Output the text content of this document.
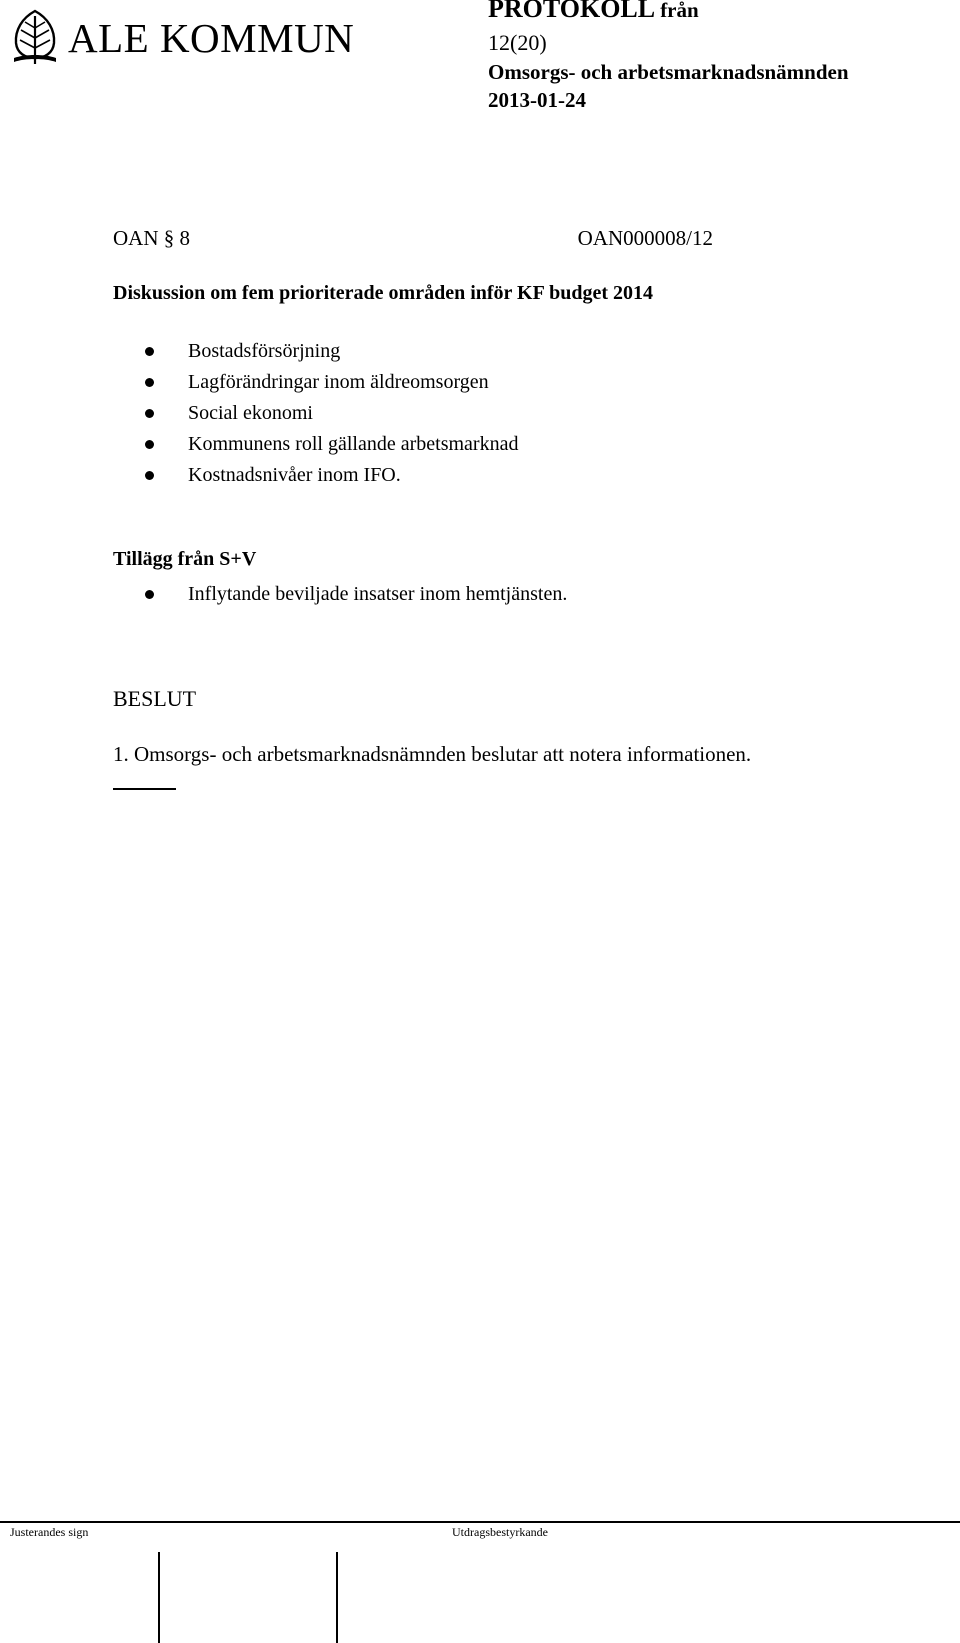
ALE KOMMUN
PROTOKOLL från
12(20)
Omsorgs- och arbetsmarknadsnämnden
2013-01-24
OAN § 8	OAN000008/12
Diskussion om fem prioriterade områden inför KF budget 2014
Bostadsförsörjning
Lagförändringar inom äldreomsorgen
Social ekonomi
Kommunens roll gällande arbetsmarknad
Kostnadsnivåer inom IFO.
Tillägg från S+V
Inflytande beviljade insatser inom hemtjänsten.
BESLUT
1. Omsorgs- och arbetsmarknadsnämnden beslutar att notera informationen.
Justerandes sign	Utdragsbestyrkande
